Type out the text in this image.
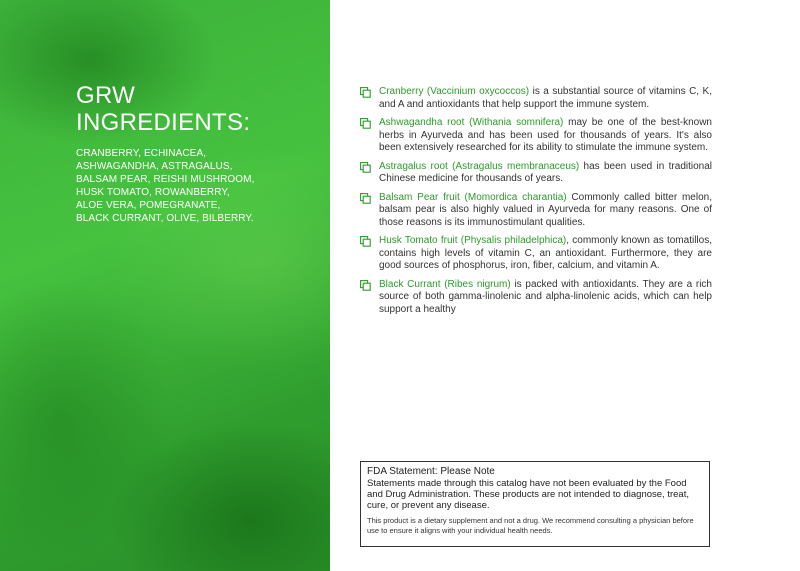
GRW
INGREDIENTS:
CRANBERRY, ECHINACEA,
ASHWAGANDHA, ASTRAGALUS,
BALSAM PEAR, REISHI MUSHROOM,
HUSK TOMATO, ROWANBERRY,
ALOE VERA, POMEGRANATE,
BLACK CURRANT, OLIVE, BILBERRY.
Cranberry (Vaccinium oxycoccos) is a substantial source of vitamins C, K, and A and antioxidants that help support the immune system.
Ashwagandha root (Withania somnifera) may be one of the best-known herbs in Ayurveda and has been used for thousands of years. It's also been extensively researched for its ability to stimulate the immune system.
Astragalus root (Astragalus membranaceus) has been used in traditional Chinese medicine for thousands of years.
Balsam Pear fruit (Momordica charantia) Commonly called bitter melon, balsam pear is also highly valued in Ayurveda for many reasons. One of those reasons is its immunostimulant qualities.
Husk Tomato fruit (Physalis philadelphica), commonly known as tomatillos, contains high levels of vitamin C, an antioxidant. Furthermore, they are good sources of phosphorus, iron, fiber, calcium, and vitamin A.
Black Currant (Ribes nigrum) is packed with antioxidants. They are a rich source of both gamma-linolenic and alpha-linolenic acids, which can help support a healthy
FDA Statement: Please Note
Statements made through this catalog have not been evaluated by the Food and Drug Administration. These products are not intended to diagnose, treat, cure, or prevent any disease.
This product is a dietary supplement and not a drug. We recommend consulting a physician before use to ensure it aligns with your individual health needs.
